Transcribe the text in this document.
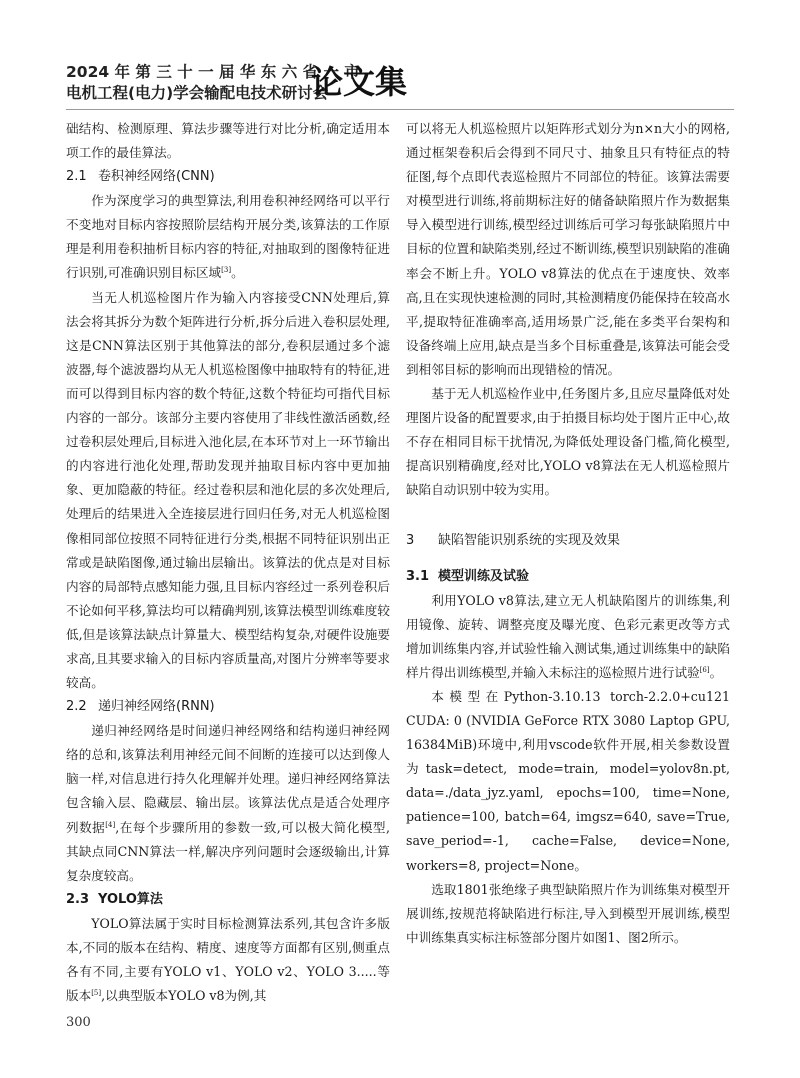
2024 年 第 三 十 一 届 华 东 六 省 一 市
电机工程(电力)学会输配电技术研讨会
论文集

础结构、检测原理、算法步骤等进行对比分析,确定适用本项工作的最佳算法。

2.1 卷积神经网络(CNN)

作为深度学习的典型算法,利用卷积神经网络可以平行不变地对目标内容按照阶层结构开展分类,该算法的工作原理是利用卷积抽析目标内容的特征,对抽取到的图像特征进行识别,可准确识别目标区域[3]。

当无人机巡检图片作为输入内容接受CNN处理后,算法会将其拆分为数个矩阵进行分析,拆分后进入卷积层处理,这是CNN算法区别于其他算法的部分,卷积层通过多个滤波器,每个滤波器均从无人机巡检图像中抽取特有的特征,进而可以得到目标内容的数个特征,这数个特征均可指代目标内容的一部分。该部分主要内容使用了非线性激活函数,经过卷积层处理后,目标进入池化层,在本环节对上一环节输出的内容进行池化处理,帮助发现并抽取目标内容中更加抽象、更加隐蔽的特征。经过卷积层和池化层的多次处理后,处理后的结果进入全连接层进行回归任务,对无人机巡检图像相同部位按照不同特征进行分类,根据不同特征识别出正常或是缺陷图像,通过输出层输出。该算法的优点是对目标内容的局部特点感知能力强,且目标内容经过一系列卷积后不论如何平移,算法均可以精确判别,该算法模型训练难度较低,但是该算法缺点计算量大、模型结构复杂,对硬件设施要求高,且其要求输入的目标内容质量高,对图片分辨率等要求较高。

2.2 递归神经网络(RNN)

递归神经网络是时间递归神经网络和结构递归神经网络的总和,该算法利用神经元间不间断的连接可以达到像人脑一样,对信息进行持久化理解并处理。递归神经网络算法包含输入层、隐藏层、输出层。该算法优点是适合处理序列数据[4],在每个步骤所用的参数一致,可以极大简化模型,其缺点同CNN算法一样,解决序列问题时会逐级输出,计算复杂度较高。

2.3 YOLO算法

YOLO算法属于实时目标检测算法系列,其包含许多版本,不同的版本在结构、精度、速度等方面都有区别,侧重点各有不同,主要有YOLO v1、YOLO v2、YOLO 3.....等版本[5],以典型版本YOLO v8为例,其

可以将无人机巡检照片以矩阵形式划分为n×n大小的网格,通过框架卷积后会得到不同尺寸、抽象且只有特征点的特征图,每个点即代表巡检照片不同部位的特征。该算法需要对模型进行训练,将前期标注好的储备缺陷照片作为数据集导入模型进行训练,模型经过训练后可学习每张缺陷照片中目标的位置和缺陷类别,经过不断训练,模型识别缺陷的准确率会不断上升。YOLO v8算法的优点在于速度快、效率高,且在实现快速检测的同时,其检测精度仍能保持在较高水平,提取特征准确率高,适用场景广泛,能在多类平台架构和设备终端上应用,缺点是当多个目标重叠是,该算法可能会受到相邻目标的影响而出现错检的情况。

基于无人机巡检作业中,任务图片多,且应尽量降低对处理图片设备的配置要求,由于拍摄目标均处于图片正中心,故不存在相同目标干扰情况,为降低处理设备门槛,简化模型,提高识别精确度,经对比,YOLO v8算法在无人机巡检照片缺陷自动识别中较为实用。

3 缺陷智能识别系统的实现及效果

3.1 模型训练及试验

利用YOLO v8算法,建立无人机缺陷图片的训练集,利用镜像、旋转、调整亮度及曝光度、色彩元素更改等方式增加训练集内容,并试验性输入测试集,通过训练集中的缺陷样片得出训练模型,并输入未标注的巡检照片进行试验[6]。

本模型在Python-3.10.13 torch-2.2.0+cu121 CUDA: 0 (NVIDIA GeForce RTX 3080 Laptop GPU, 16384MiB)环境中,利用vscode软件开展,相关参数设置为task=detect, mode=train, model=yolov8n.pt, data=./data_jyz.yaml, epochs=100, time=None, patience=100, batch=64, imgsz=640, save=True, save_period=-1, cache=False, device=None, workers=8, project=None。

选取1801张绝缘子典型缺陷照片作为训练集对模型开展训练,按规范将缺陷进行标注,导入到模型开展训练,模型中训练集真实标注标签部分图片如图1、图2所示。

300
